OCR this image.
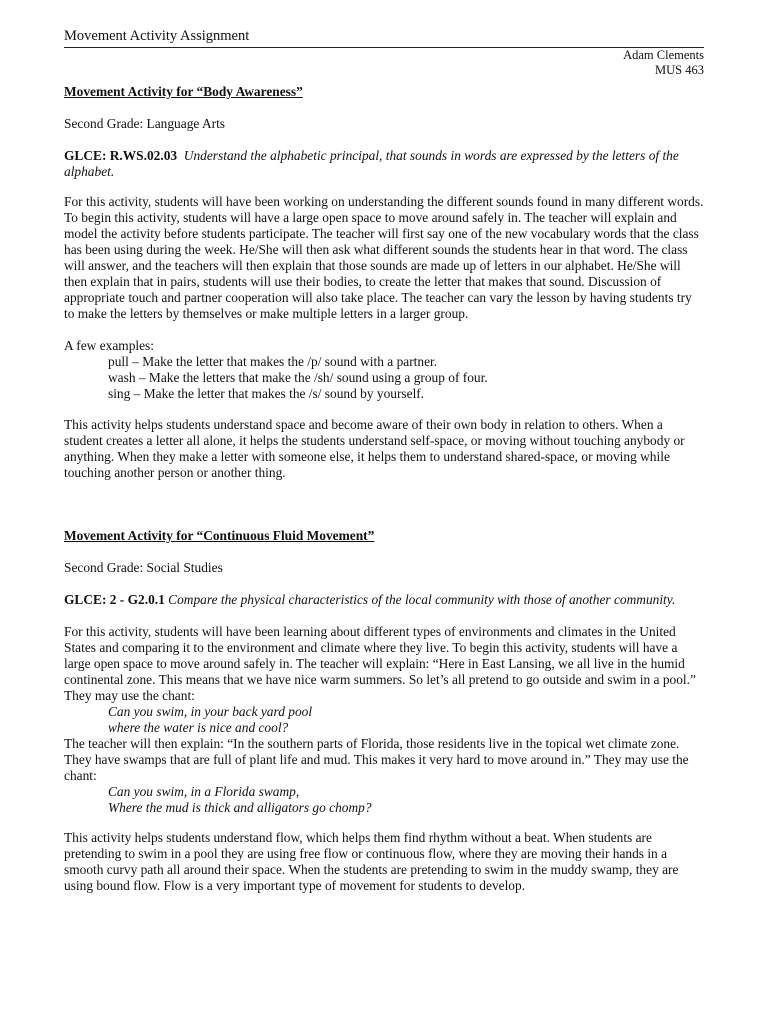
Movement Activity Assignment
Adam Clements
MUS 463

Movement Activity for “Body Awareness”

Second Grade: Language Arts

GLCE: R.WS.02.03 Understand the alphabetic principal, that sounds in words are expressed by the letters of the alphabet.

For this activity, students will have been working on understanding the different sounds found in many different words. To begin this activity, students will have a large open space to move around safely in. The teacher will explain and model the activity before students participate. The teacher will first say one of the new vocabulary words that the class has been using during the week. He/She will then ask what different sounds the students hear in that word. The class will answer, and the teachers will then explain that those sounds are made up of letters in our alphabet. He/She will then explain that in pairs, students will use their bodies, to create the letter that makes that sound. Discussion of appropriate touch and partner cooperation will also take place. The teacher can vary the lesson by having students try to make the letters by themselves or make multiple letters in a larger group.

A few examples:

pull – Make the letter that makes the /p/ sound with a partner.

wash – Make the letters that make the /sh/ sound using a group of four.

sing – Make the letter that makes the /s/ sound by yourself.

This activity helps students understand space and become aware of their own body in relation to others. When a student creates a letter all alone, it helps the students understand self-space, or moving without touching anybody or anything. When they make a letter with someone else, it helps them to understand shared-space, or moving while touching another person or another thing.

Movement Activity for “Continuous Fluid Movement”

Second Grade: Social Studies

GLCE: 2 - G2.0.1 Compare the physical characteristics of the local community with those of another community.

For this activity, students will have been learning about different types of environments and climates in the United States and comparing it to the environment and climate where they live. To begin this activity, students will have a large open space to move around safely in. The teacher will explain: “Here in East Lansing, we all live in the humid continental zone. This means that we have nice warm summers. So let’s all pretend to go outside and swim in a pool.” They may use the chant:

Can you swim, in your back yard pool

where the water is nice and cool?

The teacher will then explain: “In the southern parts of Florida, those residents live in the topical wet climate zone. They have swamps that are full of plant life and mud. This makes it very hard to move around in.” They may use the chant:

Can you swim, in a Florida swamp,

Where the mud is thick and alligators go chomp?

This activity helps students understand flow, which helps them find rhythm without a beat. When students are pretending to swim in a pool they are using free flow or continuous flow, where they are moving their hands in a smooth curvy path all around their space. When the students are pretending to swim in the muddy swamp, they are using bound flow. Flow is a very important type of movement for students to develop.
